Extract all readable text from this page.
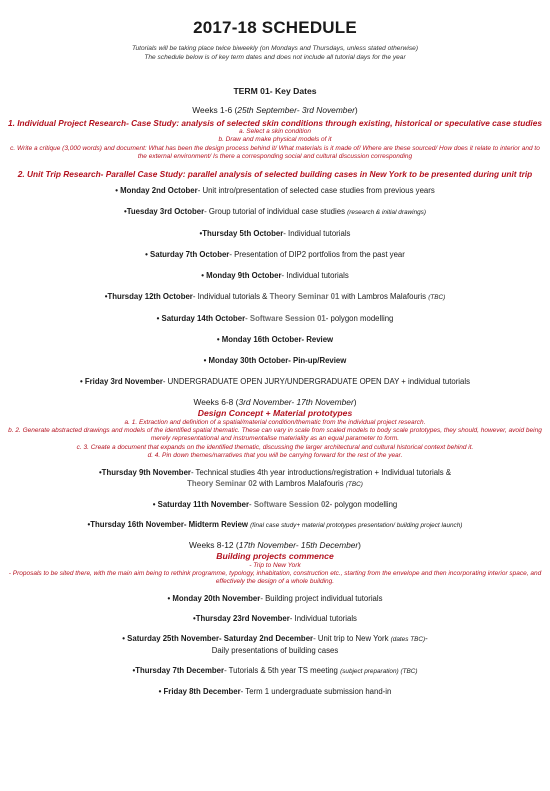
2017-18 SCHEDULE
Tutorials will be taking place twice biweekly (on Mondays and Thursdays, unless stated otherwise)
The schedule below is of key term dates and does not include all tutorial days for the year
TERM 01- Key Dates
Weeks 1-6 (25th September- 3rd November)
1. Individual Project Research- Case Study: analysis of selected skin conditions through existing, historical or speculative case studies
a. Select a skin condition
b. Draw and make physical models of it
c. Write a critique (3,000 words) and document: What has been the design process behind it/ What materials is it made of/ Where are these sourced/ How does it relate to interior and to the external environment/ Is there a corresponding social and cultural discussion corresponding
2. Unit Trip Research- Parallel Case Study: parallel analysis of selected building cases in New York to be presented during unit trip
• Monday 2nd October- Unit intro/presentation of selected case studies from previous years
•Tuesday 3rd October- Group tutorial of individual case studies (research & initial drawings)
•Thursday 5th October- Individual tutorials
• Saturday 7th October- Presentation of DIP2 portfolios from the past year
• Monday 9th October- Individual tutorials
•Thursday 12th October- Individual tutorials & Theory Seminar 01 with Lambros Malafouris (TBC)
• Saturday 14th October- Software Session 01- polygon modelling
• Monday 16th October- Review
• Monday 30th October- Pin-up/Review
• Friday 3rd November- UNDERGRADUATE OPEN JURY/UNDERGRADUATE OPEN DAY + individual tutorials
Weeks 6-8 (3rd November- 17th November)
Design Concept + Material prototypes
a. 1. Extraction and definition of a spatial/material condition/thematic from the individual project research.
b. 2. Generate abstracted drawings and models of the identified spatial thematic. These can vary in scale from scaled models to body scale prototypes, they should, however, avoid being merely representational and instrumentalise materiality as an equal parameter to form.
c. 3. Create a document that expands on the identified thematic, discussing the larger architectural and cultural historical context behind it.
d. 4. Pin down themes/narratives that you will be carrying forward for the rest of the year.
•Thursday 9th November- Technical studies 4th year introductions/registration + Individual tutorials &
Theory Seminar 02 with Lambros Malafouris (TBC)
• Saturday 11th November- Software Session 02- polygon modelling
•Thursday 16th November- Midterm Review (final case study+ material prototypes presentation/ building project launch)
Weeks 8-12 (17th November- 15th December)
Building projects commence
- Trip to New York
- Proposals to be sited there, with the main aim being to rethink programme, typology, inhabitation, construction etc., starting from the envelope and then incorporating interior space, and effectively the design of a whole building.
• Monday 20th November- Building project individual tutorials
•Thursday 23rd November- Individual tutorials
• Saturday 25th November- Saturday 2nd December- Unit trip to New York (dates TBC)-
Daily presentations of building cases
•Thursday 7th December- Tutorials & 5th year TS meeting (subject preparation) (TBC)
• Friday 8th December- Term 1 undergraduate submission hand-in
